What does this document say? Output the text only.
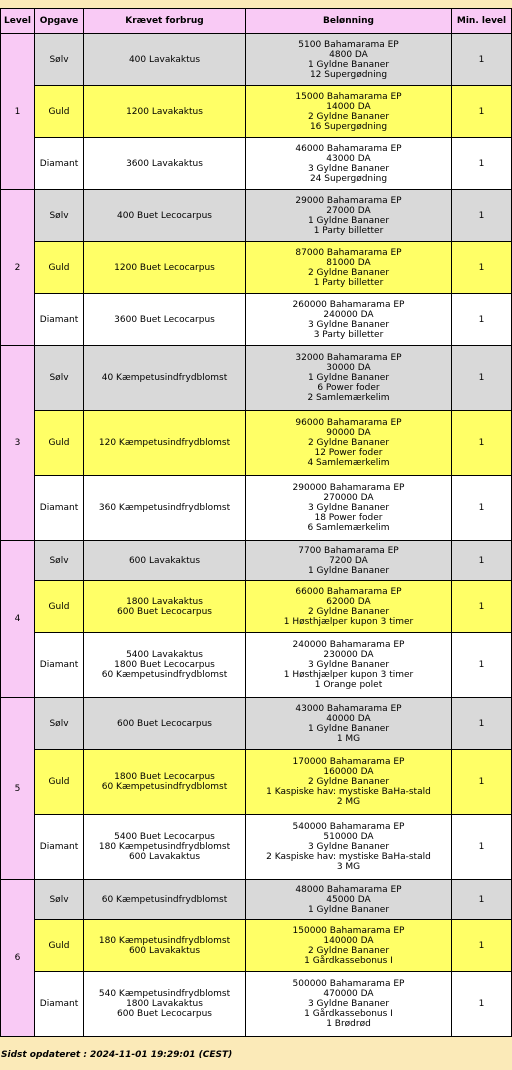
Level	Opgave	Krævet forbrug	Belønning	Min. level
1	Sølv	400 Lavakaktus	5100 Bahamarama EP
4800 DA
1 Gyldne Bananer
12 Supergødning	1
	Guld	1200 Lavakaktus	15000 Bahamarama EP
14000 DA
2 Gyldne Bananer
16 Supergødning	1
	Diamant	3600 Lavakaktus	46000 Bahamarama EP
43000 DA
3 Gyldne Bananer
24 Supergødning	1
2	Sølv	400 Buet Lecocarpus	29000 Bahamarama EP
27000 DA
1 Gyldne Bananer
1 Party billetter	1
	Guld	1200 Buet Lecocarpus	87000 Bahamarama EP
81000 DA
2 Gyldne Bananer
1 Party billetter	1
	Diamant	3600 Buet Lecocarpus	260000 Bahamarama EP
240000 DA
3 Gyldne Bananer
3 Party billetter	1
3	Sølv	40 Kæmpetusindfrydblomst	32000 Bahamarama EP
30000 DA
1 Gyldne Bananer
6 Power foder
2 Samlemærkelim	1
	Guld	120 Kæmpetusindfrydblomst	96000 Bahamarama EP
90000 DA
2 Gyldne Bananer
12 Power foder
4 Samlemærkelim	1
	Diamant	360 Kæmpetusindfrydblomst	290000 Bahamarama EP
270000 DA
3 Gyldne Bananer
18 Power foder
6 Samlemærkelim	1
4	Sølv	600 Lavakaktus	7700 Bahamarama EP
7200 DA
1 Gyldne Bananer	1
	Guld	1800 Lavakaktus
600 Buet Lecocarpus	66000 Bahamarama EP
62000 DA
2 Gyldne Bananer
1 Høsthjælper kupon 3 timer	1
	Diamant	5400 Lavakaktus
1800 Buet Lecocarpus
60 Kæmpetusindfrydblomst	240000 Bahamarama EP
230000 DA
3 Gyldne Bananer
1 Høsthjælper kupon 3 timer
1 Orange polet	1
5	Sølv	600 Buet Lecocarpus	43000 Bahamarama EP
40000 DA
1 Gyldne Bananer
1 MG	1
	Guld	1800 Buet Lecocarpus
60 Kæmpetusindfrydblomst	170000 Bahamarama EP
160000 DA
2 Gyldne Bananer
1 Kaspiske hav: mystiske BaHa-stald
2 MG	1
	Diamant	5400 Buet Lecocarpus
180 Kæmpetusindfrydblomst
600 Lavakaktus	540000 Bahamarama EP
510000 DA
3 Gyldne Bananer
2 Kaspiske hav: mystiske BaHa-stald
3 MG	1
6	Sølv	60 Kæmpetusindfrydblomst	48000 Bahamarama EP
45000 DA
1 Gyldne Bananer	1
	Guld	180 Kæmpetusindfrydblomst
600 Lavakaktus	150000 Bahamarama EP
140000 DA
2 Gyldne Bananer
1 Gårdkassebonus I	1
	Diamant	540 Kæmpetusindfrydblomst
1800 Lavakaktus
600 Buet Lecocarpus	500000 Bahamarama EP
470000 DA
3 Gyldne Bananer
1 Gårdkassebonus I
1 Brødrød	1
Sidst opdateret : 2024-11-01 19:29:01 (CEST)
